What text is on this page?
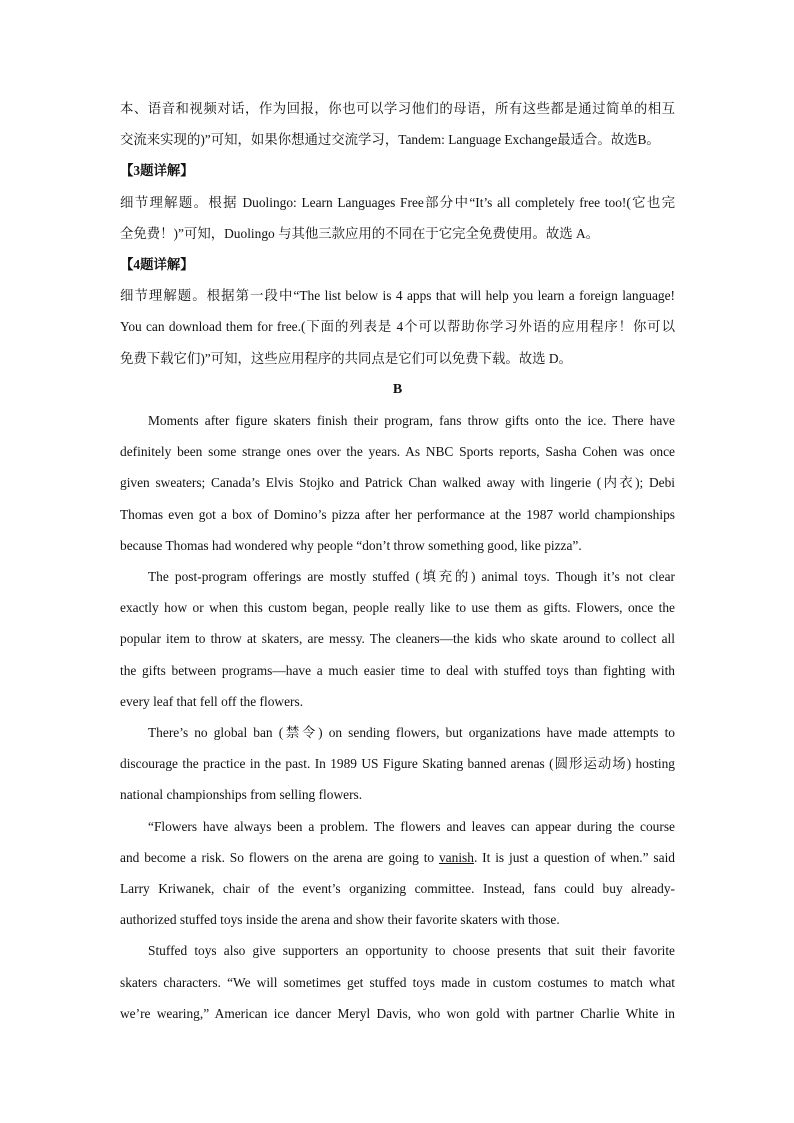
本、语音和视频对话，作为回报，你也可以学习他们的母语，所有这些都是通过简单的相互

交流来实现的)”可知，如果你想通过交流学习，Tandem: Language Exchange最适合。故选B。

【3题详解】

细节理解题。根据 Duolingo: Learn Languages Free部分中“It’s all completely free too!(它也完

全免费！)”可知，Duolingo 与其他三款应用的不同在于它完全免费使用。故选 A。

【4题详解】

细节理解题。根据第一段中“The list below is 4 apps that will help you learn a foreign language!

You can download them for free.(下面的列表是 4个可以帮助你学习外语的应用程序！你可以

免费下载它们)”可知，这些应用程序的共同点是它们可以免费下载。故选 D。

B

Moments after figure skaters finish their program, fans throw gifts onto the ice. There have

definitely been some strange ones over the years. As NBC Sports reports, Sasha Cohen was once

given sweaters; Canada’s Elvis Stojko and Patrick Chan walked away with lingerie (内衣); Debi

Thomas even got a box of Domino’s pizza after her performance at the 1987 world championships

because Thomas had wondered why people “don’t throw something good, like pizza”.

The post-program offerings are mostly stuffed (填充的) animal toys. Though it’s not clear

exactly how or when this custom began, people really like to use them as gifts. Flowers, once the

popular item to throw at skaters, are messy. The cleaners—the kids who skate around to collect all

the gifts between programs—have a much easier time to deal with stuffed toys than fighting with

every leaf that fell off the flowers.

There’s no global ban (禁令) on sending flowers, but organizations have made attempts to

discourage the practice in the past. In 1989 US Figure Skating banned arenas (圆形运动场) hosting

national championships from selling flowers.

“Flowers have always been a problem. The flowers and leaves can appear during the course

and become a risk. So flowers on the arena are going to vanish. It is just a question of when.” said

Larry Kriwanek, chair of the event’s organizing committee. Instead, fans could buy already-

authorized stuffed toys inside the arena and show their favorite skaters with those.

Stuffed toys also give supporters an opportunity to choose presents that suit their favorite

skaters characters. “We will sometimes get stuffed toys made in custom costumes to match what

we’re wearing,” American ice dancer Meryl Davis, who won gold with partner Charlie White in
